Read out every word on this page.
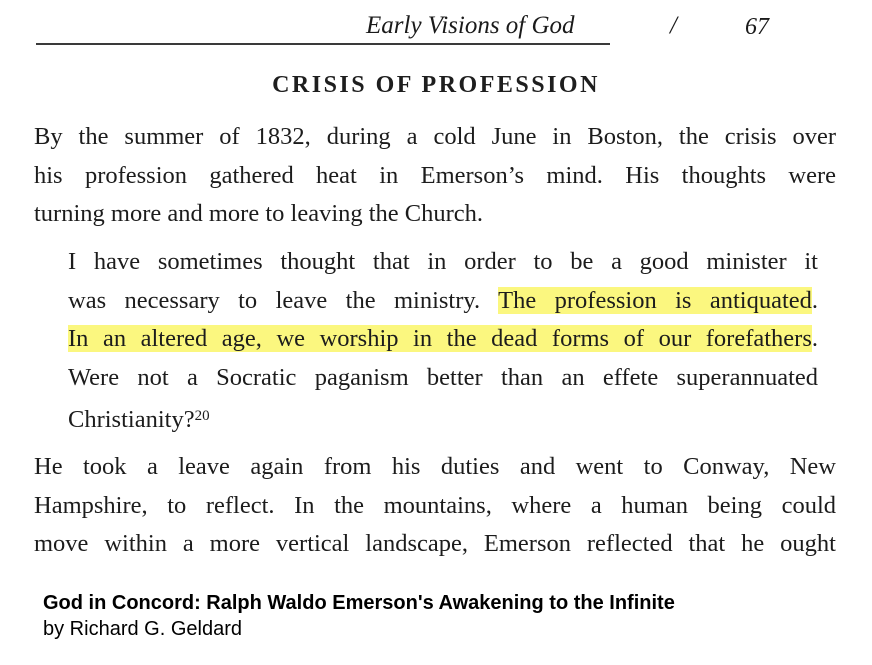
Early Visions of God	/	67
CRISIS OF PROFESSION
By the summer of 1832, during a cold June in Boston, the crisis over
his profession gathered heat in Emerson’s mind. His thoughts were
turning more and more to leaving the Church.
I have sometimes thought that in order to be a good minister it
was necessary to leave the ministry. The profession is antiquated.
In an altered age, we worship in the dead forms of our forefathers.
Were not a Socratic paganism better than an effete superannuated
Christianity?$^{20}$
He took a leave again from his duties and went to Conway, New
Hampshire, to reflect. In the mountains, where a human being could
move within a more vertical landscape, Emerson reflected that he ought
God in Concord: Ralph Waldo Emerson's Awakening to the Infinite
by Richard G. Geldard
